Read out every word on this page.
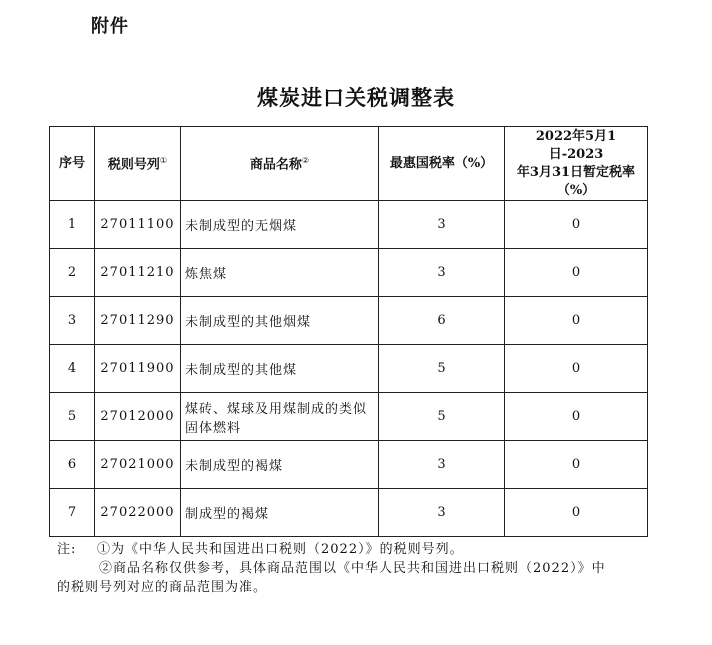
附件
煤炭进口关税调整表
序号	税则号列①	商品名称②	最惠国税率（%）	2022年5月1日-2023
年3月31日暂定税率
（%）

1	27011100	未制成型的无烟煤	3	0
2	27011210	炼焦煤	3	0
3	27011290	未制成型的其他烟煤	6	0
4	27011900	未制成型的其他煤	5	0
5	27012000	煤砖、煤球及用煤制成的类似固体燃料	5	0
6	27021000	未制成型的褐煤	3	0
7	27022000	制成型的褐煤	3	0
注: ①为《中华人民共和国进出口税则（2022）》的税则号列。
②商品名称仅供参考，具体商品范围以《中华人民共和国进出口税则（2022）》中
的税则号列对应的商品范围为准。
